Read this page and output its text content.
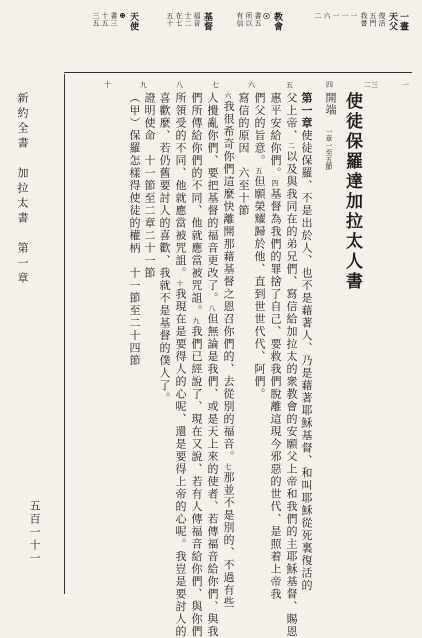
天使
⊕
書三
十五
三五	基督
福音
士二
在七
五十	教會
☉
書五
所以
有信	一
一
一
六
二	一晝
天父
復活
五門
我書
一
二三
四
五
六
七
八
九
十
使徒保羅達加拉太人書
開端
一章一至五節
第一章使徒保羅、不是出於人、也不是藉著人、乃是藉著耶穌基督、和叫耶穌從死裏復活的
父上帝、二以及與我同在的弟兄們、寫信給加拉太的衆教會的安願父上帝和我們的主耶穌基督、賜恩
惠平安給你們。四基督為我們的罪捨了自己、要救我們脫離這現今邪惡的世代、是照着上帝我
們父的旨意。五但願榮耀歸於他、直到世世代代、阿們。
寫信的原因　六至十節
六我很希奇你們這麼快離開那藉基督之恩召你們的、去從別的福音。七那並不是別的、不過有些
人攪亂你們、要把基督的福音更改了。八但無論是我們、或是天上來的使者、若傳福音給你們、與我
們所傳給你們的不同、他就應當被咒詛。九我們已經說了、現在又說、若有人傳福音給你們、與你們
所領受的不同、他就應當被咒詛。十我現在是要得人的心呢、還是要得上帝的心呢。我豈是要討人的
喜歡麼、若仍舊要討人的喜歡、我就不是基督的僕人了。
證明使命　十一節至二章二十一節
（甲）保羅怎樣得使徒的權柄　十一節至二十四節
新約全書　加拉太書　第一章
五百一十一
